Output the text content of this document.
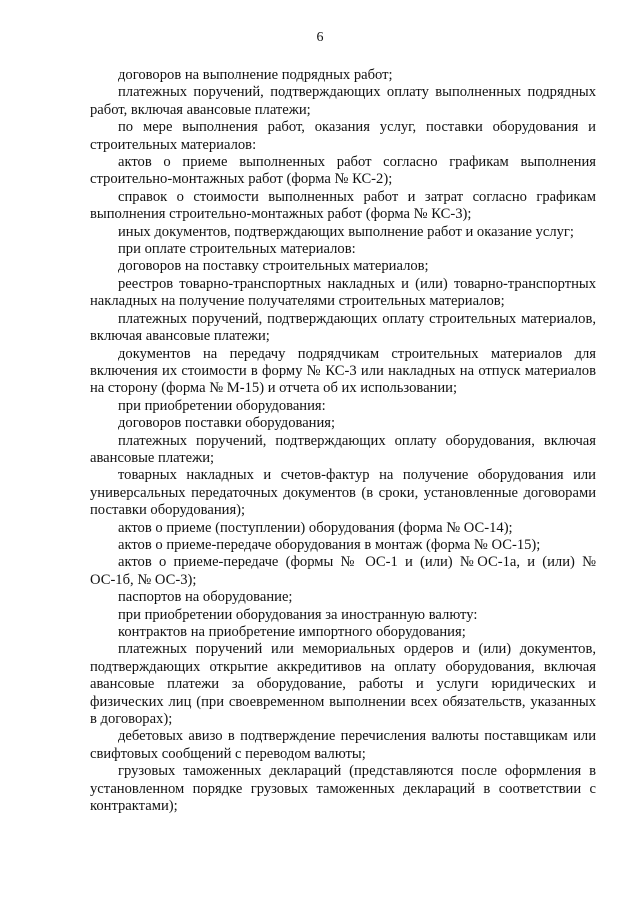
6

договоров на выполнение подрядных работ;

платежных поручений, подтверждающих оплату выполненных подрядных работ, включая авансовые платежи;

по мере выполнения работ, оказания услуг, поставки оборудования и строительных материалов:

актов о приеме выполненных работ согласно графикам выполнения строительно-монтажных работ (форма № КС-2);

справок о стоимости выполненных работ и затрат согласно графикам выполнения строительно-монтажных работ (форма № КС-3);

иных документов, подтверждающих выполнение работ и оказание услуг;

при оплате строительных материалов:

договоров на поставку строительных материалов;

реестров товарно-транспортных накладных и (или) товарно-транспортных накладных на получение получателями строительных материалов;

платежных поручений, подтверждающих оплату строительных материалов, включая авансовые платежи;

документов на передачу подрядчикам строительных материалов для включения их стоимости в форму № КС-3 или накладных на отпуск материалов на сторону (форма № М-15) и отчета об их использовании;

при приобретении оборудования:

договоров поставки оборудования;

платежных поручений, подтверждающих оплату оборудования, включая авансовые платежи;

товарных накладных и счетов-фактур на получение оборудования или универсальных передаточных документов (в сроки, установленные договорами поставки оборудования);

актов о приеме (поступлении) оборудования (форма № ОС-14);

актов о приеме-передаче оборудования в монтаж (форма № ОС-15);

актов о приеме-передаче (формы № ОС-1 и (или) №ОС-1а, и (или) № ОС-1б, № ОС-3);

паспортов на оборудование;

при приобретении оборудования за иностранную валюту:

контрактов на приобретение импортного оборудования;

платежных поручений или мемориальных ордеров и (или) документов, подтверждающих открытие аккредитивов на оплату оборудования, включая авансовые платежи за оборудование, работы и услуги юридических и физических лиц (при своевременном выполнении всех обязательств, указанных в договорах);

дебетовых авизо в подтверждение перечисления валюты поставщикам или свифтовых сообщений с переводом валюты;

грузовых таможенных деклараций (представляются после оформления в установленном порядке грузовых таможенных деклараций в соответствии с контрактами);
